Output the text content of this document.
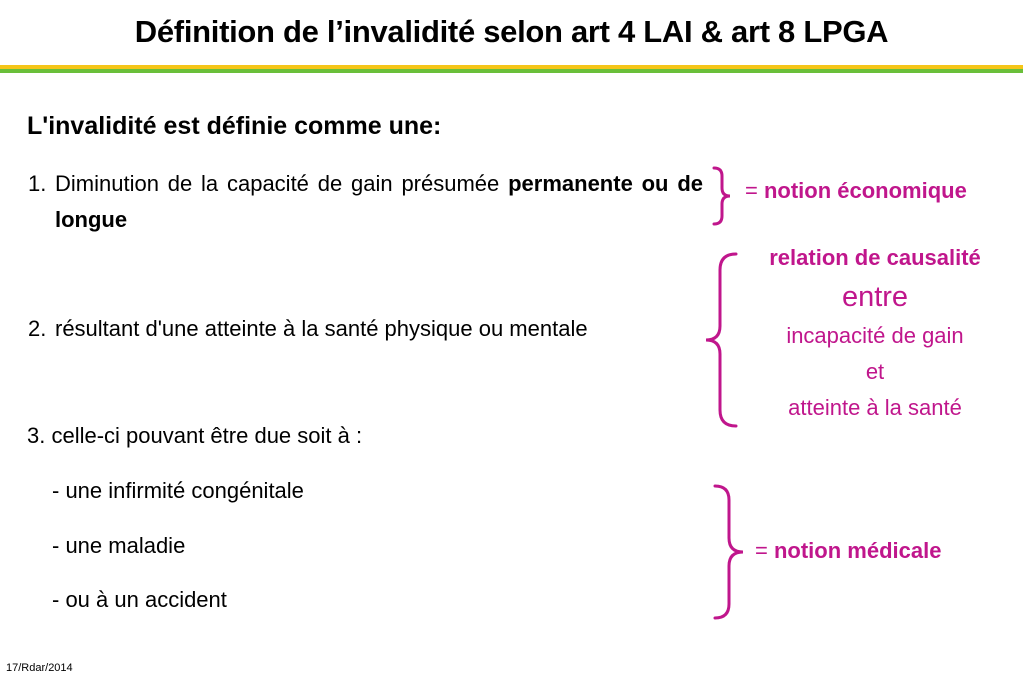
Définition de l’invalidité selon art 4 LAI & art 8 LPGA
L'invalidité est définie comme une:
1. Diminution de la capacité de gain présumée permanente ou de longue
2. résultant d'une atteinte à la santé physique ou mentale
3. celle-ci pouvant être due soit à :
- une infirmité congénitale
- une maladie
- ou à un accident
= notion économique
relation de causalité
entre
incapacité de gain
et
atteinte à la santé
= notion médicale
17/Rdar/2014
